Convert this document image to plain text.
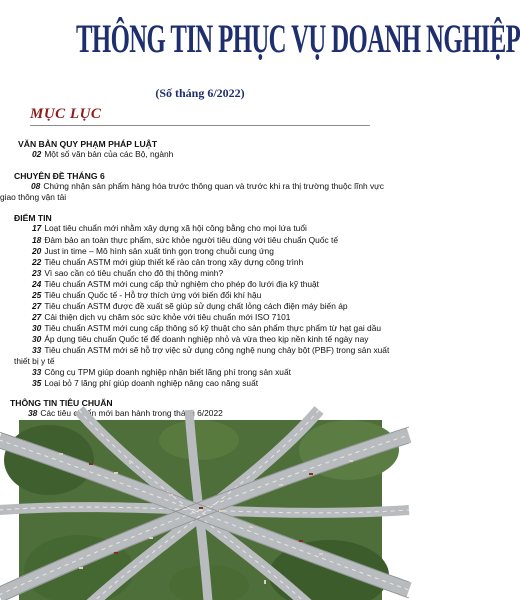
THÔNG TIN PHỤC VỤ DOANH NGHIỆP
(Số tháng 6/2022)
MỤC LỤC
VĂN BẢN QUY PHẠM PHÁP LUẬT
02 Một số văn bản của các Bộ, ngành
CHUYÊN ĐỀ THÁNG 6
08 Chứng nhận sản phẩm hàng hóa trước thông quan và trước khi ra thị trường thuộc lĩnh vực giao thông vận tải
ĐIỂM TIN
17 Loạt tiêu chuẩn mới nhằm xây dựng xã hội công bằng cho mọi lứa tuổi
18 Đảm bảo an toàn thực phẩm, sức khỏe người tiêu dùng với tiêu chuẩn Quốc tế
20 Just in time – Mô hình sản xuất tinh gọn trong chuỗi cung ứng
22 Tiêu chuẩn ASTM mới giúp thiết kế rào cản trong xây dựng công trình
23 Vì sao cần có tiêu chuẩn cho đô thị thông minh?
24 Tiêu chuẩn ASTM mới cung cấp thử nghiệm cho phép đo lưới địa kỹ thuật
25 Tiêu chuẩn Quốc tế - Hỗ trợ thích ứng với biến đổi khí hậu
27 Tiêu chuẩn ASTM được đề xuất sẽ giúp sử dụng chất lỏng cách điện máy biến áp
27 Cải thiện dịch vụ chăm sóc sức khỏe với tiêu chuẩn mới ISO 7101
30 Tiêu chuẩn ASTM mới cung cấp thông số kỹ thuật cho sản phẩm thực phẩm từ hạt gai dầu
30 Áp dụng tiêu chuẩn Quốc tế để doanh nghiệp nhỏ và vừa theo kịp nền kinh tế ngày nay
33 Tiêu chuẩn ASTM mới sẽ hỗ trợ việc sử dụng công nghệ nung chảy bột (PBF) trong sản xuất thiết bị y tế
33 Công cụ TPM giúp doanh nghiệp nhận biết lãng phí trong sản xuất
35 Loại bỏ 7 lãng phí giúp doanh nghiệp nâng cao năng suất
THÔNG TIN TIÊU CHUẨN
38 Các tiêu chuẩn mới ban hành trong tháng 6/2022
